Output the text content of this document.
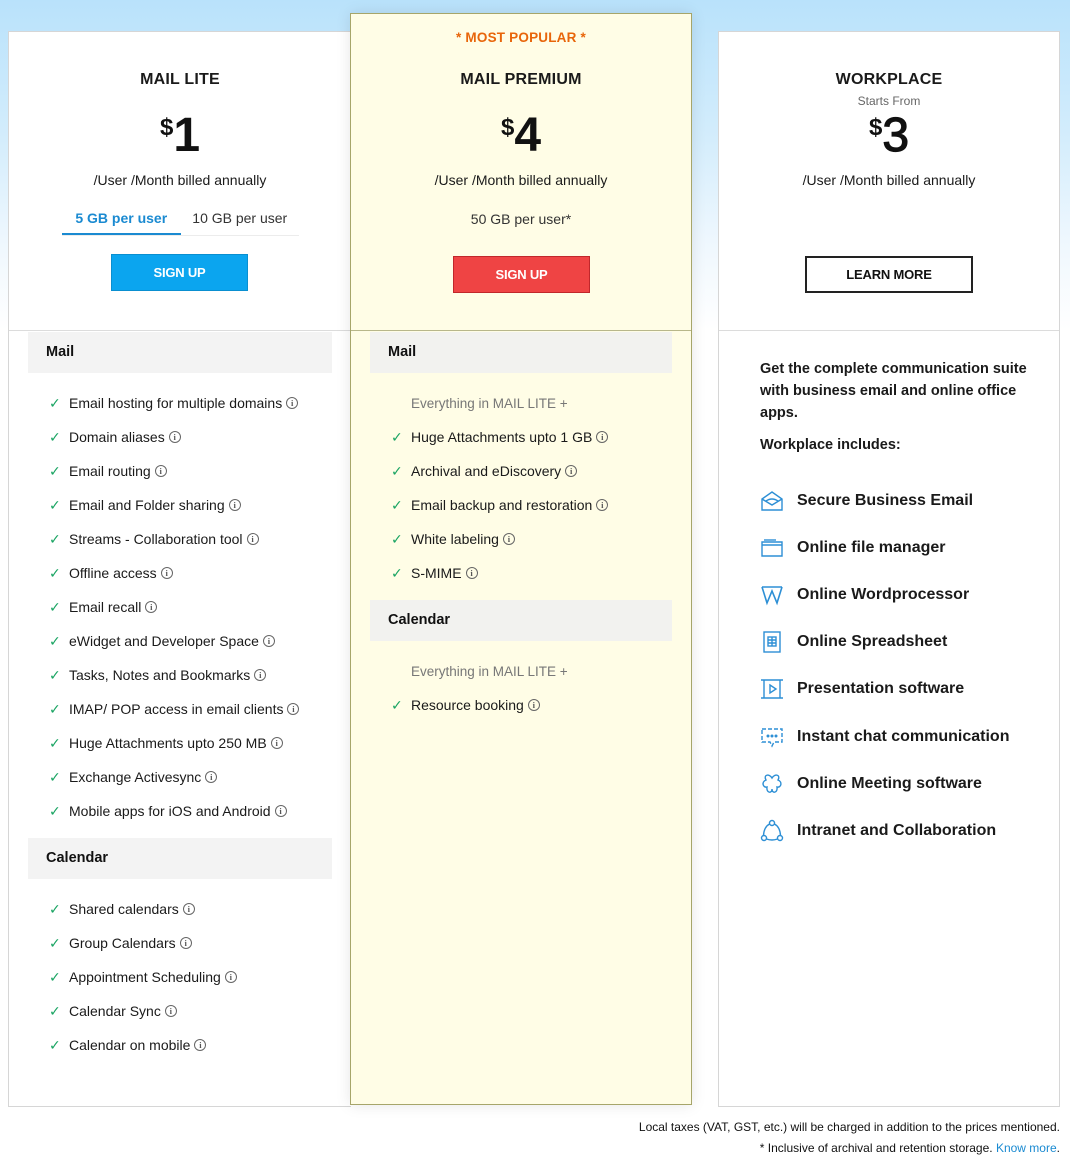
MAIL LITE
$1
/User /Month billed annually
5 GB per user	10 GB per user
SIGN UP
Mail
✓ Email hosting for multiple domains	i
✓ Domain aliases	i
✓ Email routing	i
✓ Email and Folder sharing	i
✓ Streams - Collaboration tool	i
✓ Offline access	i
✓ Email recall	i
✓ eWidget and Developer Space	i
✓ Tasks, Notes and Bookmarks	i
✓ IMAP/ POP access in email clients	i
✓ Huge Attachments upto 250 MB	i
✓ Exchange Activesync	i
✓ Mobile apps for iOS and Android	i
Calendar
✓ Shared calendars	i
✓ Group Calendars	i
✓ Appointment Scheduling	i
✓ Calendar Sync	i
✓ Calendar on mobile	i
* MOST POPULAR *
MAIL PREMIUM
$4
/User /Month billed annually
50 GB per user*
SIGN UP
Mail
Everything in MAIL LITE +
✓ Huge Attachments upto 1 GB	i
✓ Archival and eDiscovery	i
✓ Email backup and restoration	i
✓ White labeling	i
✓ S-MIME	i
Calendar
Everything in MAIL LITE +
✓ Resource booking	i
WORKPLACE
Starts From
$3
/User /Month billed annually
LEARN MORE
Get the complete communication suite with business email and online office apps.
Workplace includes:
Secure Business Email
Online file manager
Online Wordprocessor
Online Spreadsheet
Presentation software
Instant chat communication
Online Meeting software
Intranet and Collaboration
Local taxes (VAT, GST, etc.) will be charged in addition to the prices mentioned.
* Inclusive of archival and retention storage. Know more.
